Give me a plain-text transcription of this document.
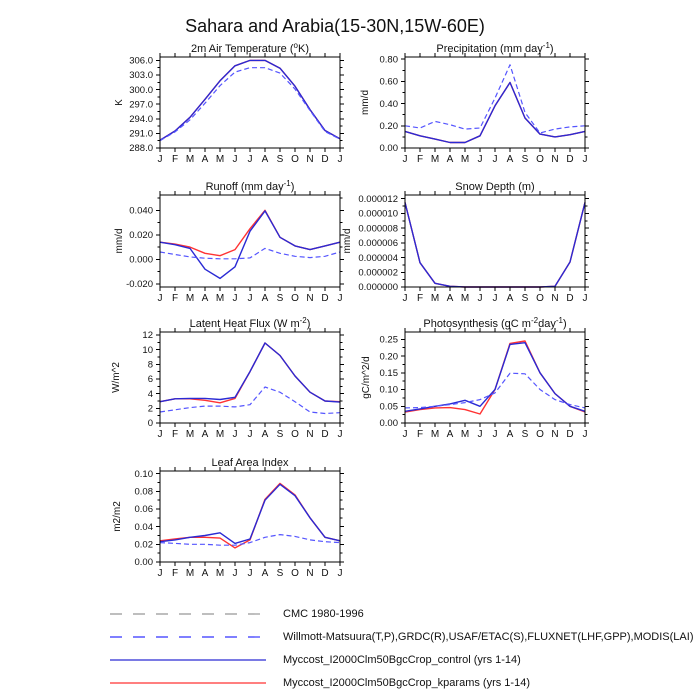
Sahara and Arabia(15-30N,15W-60E)
288.0
291.0
294.0
297.0
300.0
303.0
306.0
J F M A M J J A S O N D J
2m Air Temperature ($^o$K)
K
0.00
0.20
0.40
0.60
0.80
J F M A M J J A S O N D J
Precipitation (mm day$^{-1}$)
mm/d
-0.020
0.000
0.020
0.040
J F M A M J J A S O N D J
Runoff (mm day$^{-1}$)
mm/d
0.000000
0.000002
0.000004
0.000006
0.000008
0.000010
0.000012
J F M A M J J A S O N D J
Snow Depth (m)
mm/d
0
2
4
6
8
10
12
J F M A M J J A S O N D J
Latent Heat Flux (W $m^{-2}$)
W/m^2
0.00
0.05
0.10
0.15
0.20
0.25
J F M A M J J A S O N D J
Photosynthesis (gC $m^{-2}day^{-1}$)
gC/m^2/d
0.00
0.02
0.04
0.06
0.08
0.10
J F M A M J J A S O N D J
Leaf Area Index
m2/m2
CMC 1980-1996
Willmott-Matsuura(T,P),GRDC(R),USAF/ETAC(S),FLUXNET(LHF,GPP),MODIS(LAI)
Myccost_I2000Clm50BgcCrop_control (yrs 1-14)
Myccost_I2000Clm50BgcCrop_kparams (yrs 1-14)
